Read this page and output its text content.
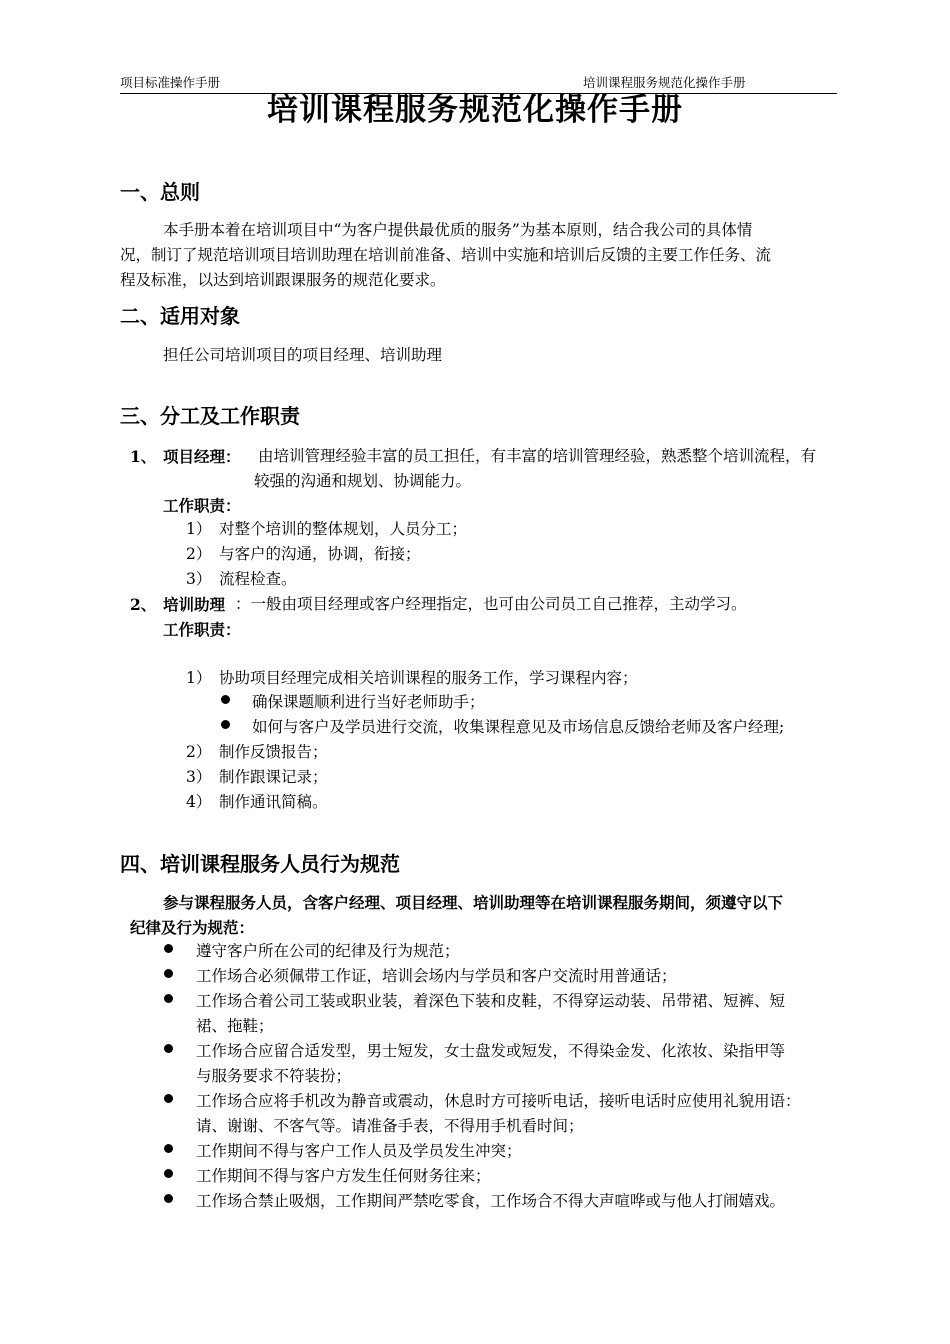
项目标准操作手册	培训课程服务规范化操作手册
培训课程服务规范化操作手册
一、总则
本手册本着在培训项目中“为客户提供最优质的服务”为基本原则，结合我公司的具体情
况，制订了规范培训项目培训助理在培训前准备、培训中实施和培训后反馈的主要工作任务、流
程及标准，以达到培训跟课服务的规范化要求。
二、适用对象
担任公司培训项目的项目经理、培训助理
三、分工及工作职责
1、 项目经理： 由培训管理经验丰富的员工担任，有丰富的培训管理经验，熟悉整个培训流程，有
较强的沟通和规划、协调能力。
工作职责：
1） 对整个培训的整体规划，人员分工；
2） 与客户的沟通，协调，衔接；
3） 流程检查。
2、 培训助理 ：一般由项目经理或客户经理指定，也可由公司员工自己推荐，主动学习。
工作职责：
1） 协助项目经理完成相关培训课程的服务工作，学习课程内容；
确保课题顺利进行当好老师助手；
如何与客户及学员进行交流，收集课程意见及市场信息反馈给老师及客户经理;
2） 制作反馈报告；
3） 制作跟课记录；
4） 制作通讯简稿。
四、培训课程服务人员行为规范
参与课程服务人员，含客户经理、项目经理、培训助理等在培训课程服务期间，须遵守以下
纪律及行为规范：
遵守客户所在公司的纪律及行为规范；
工作场合必须佩带工作证，培训会场内与学员和客户交流时用普通话；
工作场合着公司工装或职业装，着深色下装和皮鞋，不得穿运动装、吊带裙、短裤、短
裙、拖鞋；
工作场合应留合适发型，男士短发，女士盘发或短发，不得染金发、化浓妆、染指甲等
与服务要求不符装扮；
工作场合应将手机改为静音或震动，休息时方可接听电话，接听电话时应使用礼貌用语：
请、谢谢、不客气等。请准备手表，不得用手机看时间；
工作期间不得与客户工作人员及学员发生冲突；
工作期间不得与客户方发生任何财务往来；
工作场合禁止吸烟，工作期间严禁吃零食，工作场合不得大声喧哗或与他人打闹嬉戏。
